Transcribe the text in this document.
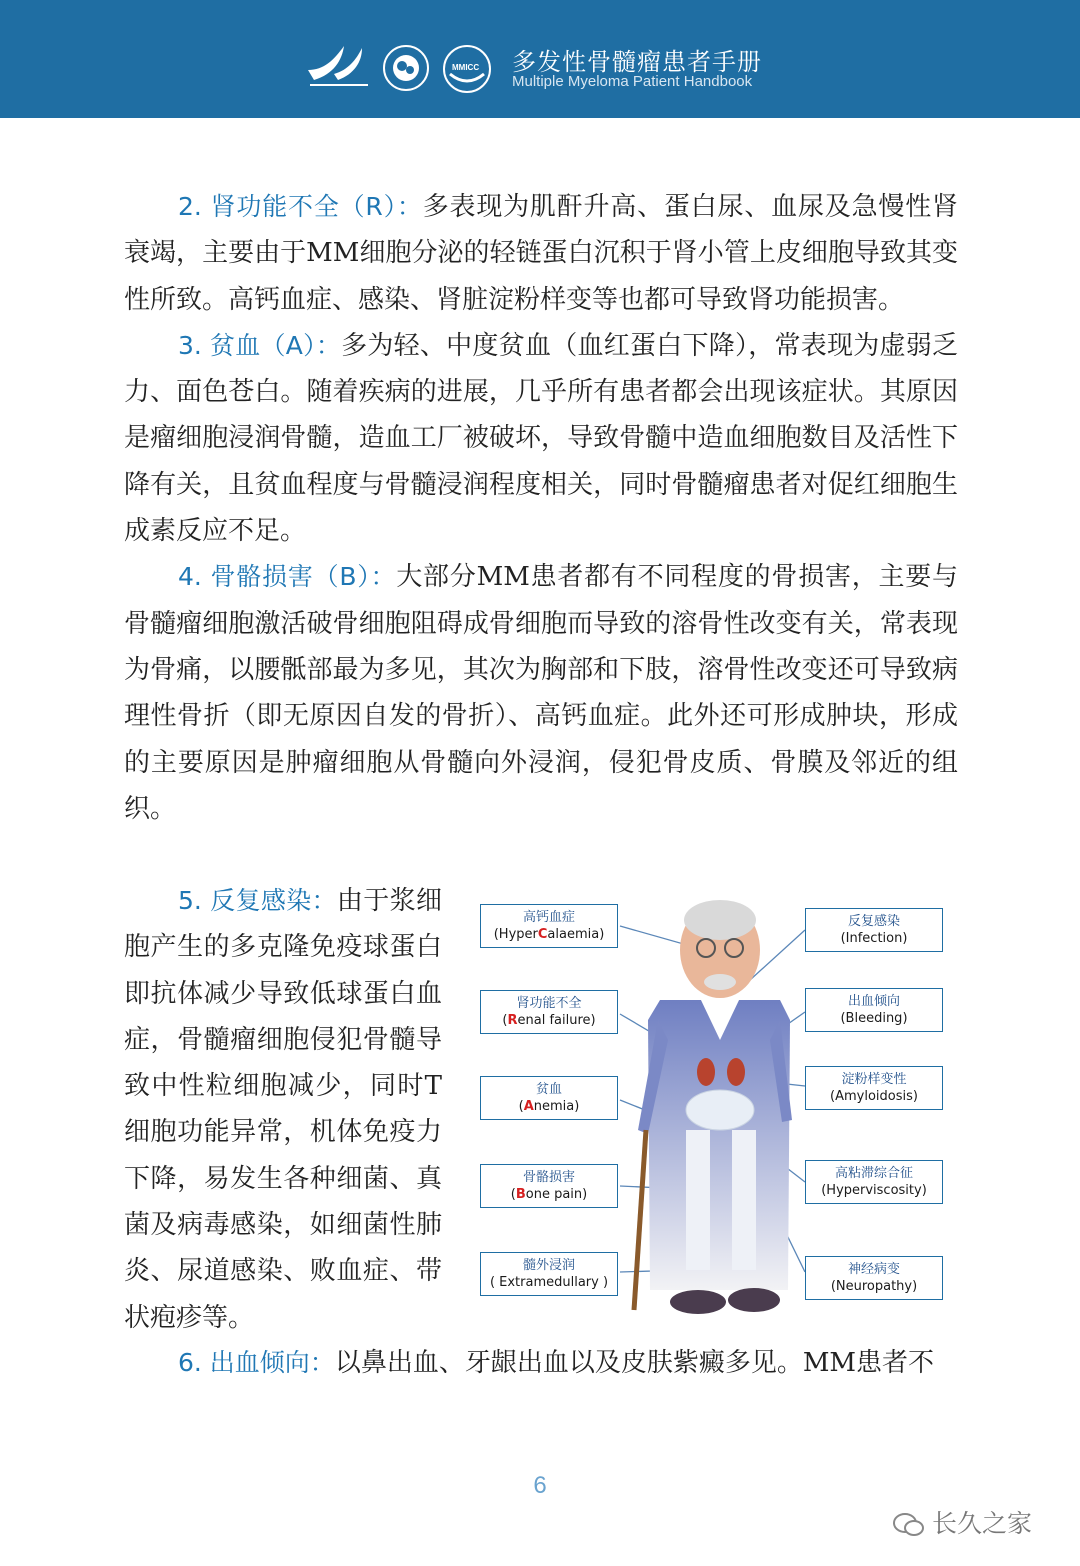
MMICC 多发性骨髓瘤患者手册
Multiple Myeloma Patient Handbook

2. 肾功能不全（R）：多表现为肌酐升高、蛋白尿、血尿及急慢性肾衰竭，主要由于MM细胞分泌的轻链蛋白沉积于肾小管上皮细胞导致其变性所致。高钙血症、感染、肾脏淀粉样变等也都可导致肾功能损害。

3. 贫血（A）：多为轻、中度贫血（血红蛋白下降），常表现为虚弱乏力、面色苍白。随着疾病的进展，几乎所有患者都会出现该症状。其原因是瘤细胞浸润骨髓，造血工厂被破坏，导致骨髓中造血细胞数目及活性下降有关，且贫血程度与骨髓浸润程度相关，同时骨髓瘤患者对促红细胞生成素反应不足。

4. 骨骼损害（B）：大部分MM患者都有不同程度的骨损害，主要与骨髓瘤细胞激活破骨细胞阻碍成骨细胞而导致的溶骨性改变有关，常表现为骨痛，以腰骶部最为多见，其次为胸部和下肢，溶骨性改变还可导致病理性骨折（即无原因自发的骨折）、高钙血症。此外还可形成肿块，形成的主要原因是肿瘤细胞从骨髓向外浸润，侵犯骨皮质、骨膜及邻近的组织。

5. 反复感染：由于浆细胞产生的多克隆免疫球蛋白即抗体减少导致低球蛋白血症，骨髓瘤细胞侵犯骨髓导致中性粒细胞减少，同时T细胞功能异常，机体免疫力下降，易发生各种细菌、真菌及病毒感染，如细菌性肺炎、尿道感染、败血症、带状疱疹等。

高钙血症
(HyperCalaemia)
肾功能不全
(Renal failure)
贫血
(Anemia)
骨骼损害
(Bone pain)
髓外浸润
( Extramedullary )
反复感染
(Infection)
出血倾向
(Bleeding)
淀粉样变性
(Amyloidosis)
高粘滞综合征
(Hyperviscosity)
神经病变
(Neuropathy)

6. 出血倾向：以鼻出血、牙龈出血以及皮肤紫癜多见。MM患者不

6
长久之家
